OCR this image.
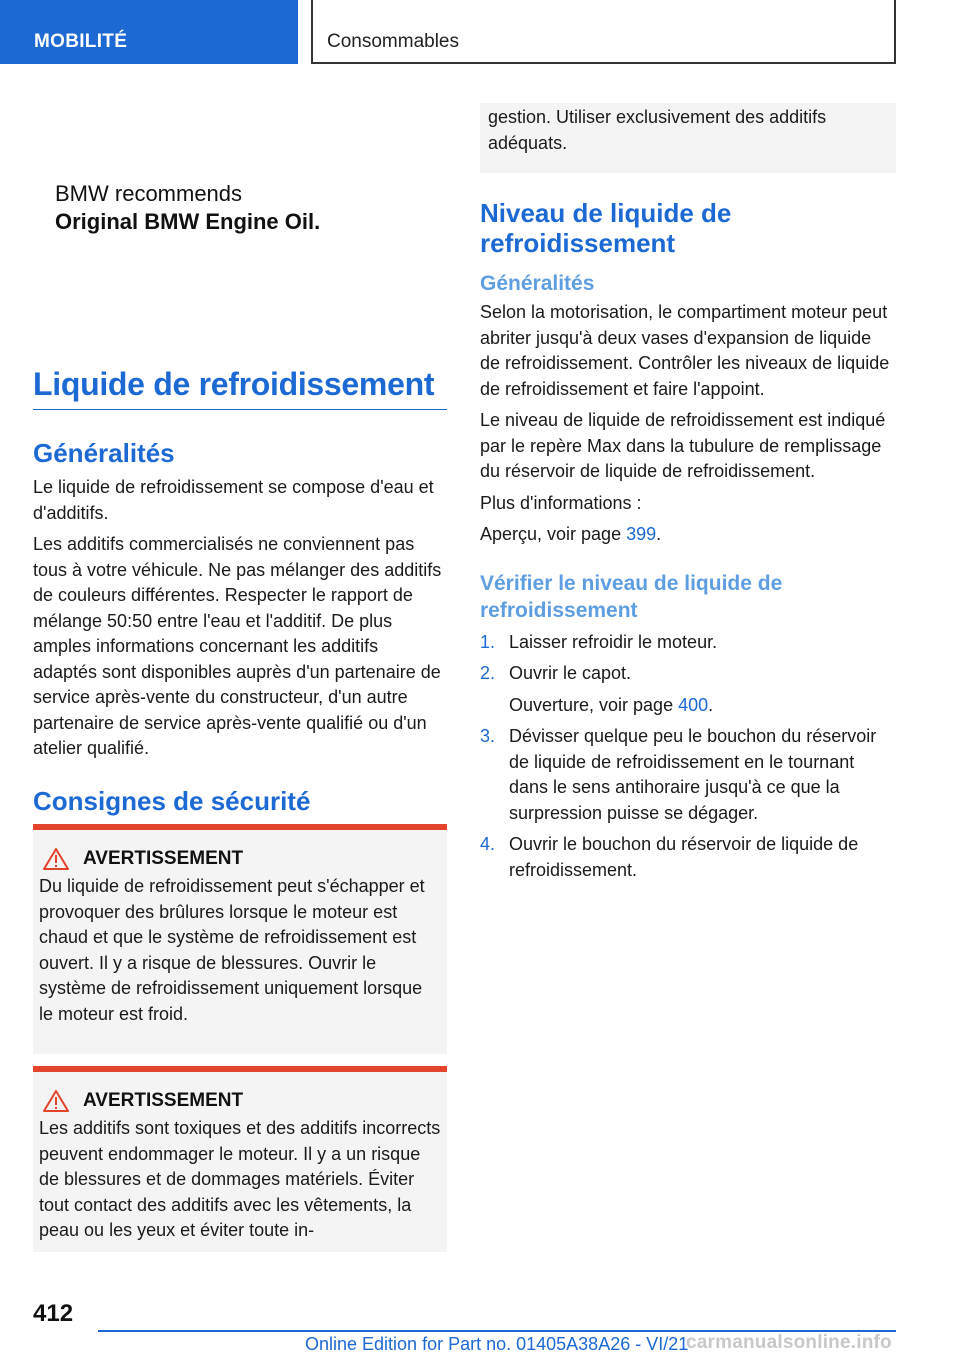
MOBILITÉ	Consommables
BMW recommends
Original BMW Engine Oil.
Liquide de refroidissement
Généralités

Le liquide de refroidissement se compose d'eau et d'additifs.

Les additifs commercialisés ne conviennent pas tous à votre véhicule. Ne pas mélanger des additifs de couleurs différentes. Respecter le rapport de mélange 50:50 entre l'eau et l'additif. De plus amples informations concernant les additifs adaptés sont disponibles auprès d'un partenaire de service après-vente du constructeur, d'un autre partenaire de service après-vente qualifié ou d'un atelier qualifié.

Consignes de sécurité
AVERTISSEMENT

Du liquide de refroidissement peut s'échapper et provoquer des brûlures lorsque le moteur est chaud et que le système de refroidissement est ouvert. Il y a risque de blessures. Ouvrir le système de refroidissement uniquement lorsque le moteur est froid.

AVERTISSEMENT

Les additifs sont toxiques et des additifs incorrects peuvent endommager le moteur. Il y a un risque de blessures et de dommages matériels. Éviter tout contact des additifs avec les vêtements, la peau ou les yeux et éviter toute in-

gestion. Utiliser exclusivement des additifs adéquats.

Niveau de liquide de refroidissement
Généralités

Selon la motorisation, le compartiment moteur peut abriter jusqu'à deux vases d'expansion de liquide de refroidissement. Contrôler les niveaux de liquide de refroidissement et faire l'appoint.

Le niveau de liquide de refroidissement est indiqué par le repère Max dans la tubulure de remplissage du réservoir de liquide de refroidissement.

Plus d'informations :

Aperçu, voir page 399.

Vérifier le niveau de liquide de refroidissement
1. Laisser refroidir le moteur.
2. Ouvrir le capot.
Ouverture, voir page 400.
3. Dévisser quelque peu le bouchon du réservoir de liquide de refroidissement en le tournant dans le sens antihoraire jusqu'à ce que la surpression puisse se dégager.
4. Ouvrir le bouchon du réservoir de liquide de refroidissement.
412
Online Edition for Part no. 01405A38A26 - VI/21
carmanualsonline.info
